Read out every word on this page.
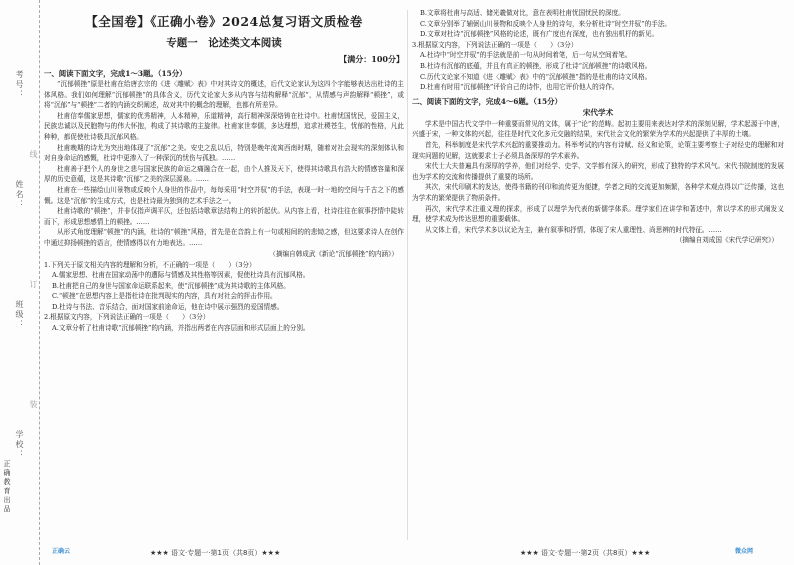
考号：
姓名：
班级：
学校：
线
订
装
正确教育出品
【全国卷】《正确小卷》2024总复习语文质检卷
专题一　论述类文本阅读
【满分：100分】
一、阅读下面文字，完成1～3题。（15分）
“沉郁顿挫”原是杜甫在给唐玄宗的《进〈雕赋〉表》中对其诗文的概述，后代文论家认为这四个字能够表达出杜诗的主体风格。我们如何理解“沉郁顿挫”的具体含义，历代文论家大多从内容与结构解释“沉郁”，从情感与声韵解释“顿挫”，或将“沉郁”与“顿挫”二者的内涵交织阐述，故对其中的概念的理解，也都有所差异。
杜甫信奉儒家思想，儒家的优秀精神，人本精神，乐道精神，高行精神深深烙铸在杜诗中。杜甫忧国忧民，爱国主义，民族忠诚以及民胞物与的伟大怀抱，构成了其诗歌的主旋律。杜甫家世奉儒，多达理想，追求社稷苍生，忧郁的性格，凡此种种，都促使杜诗极具沉郁风格。
杜甫晚期的诗尤为突出地体现了“沉郁”之美。安史之乱以后，特别是晚年流寓西南时期，随着对社会现实的深刻体认和对自身命运的感慨，杜诗中更渗入了一种深沉的忧伤与孤独。……
杜甫善于把个人的身世之悲与国家民族的命运之痛融合在一起，由个人推及天下，使得其诗歌具有浩大的情感容量和深厚的历史意蕴，这是其诗歌“沉郁”之美的深层源泉。……
杜甫在一些描绘山川景物或反映个人身世的作品中，每每采用“时空并驭”的手法，表现一时一地的空间与千古之下的感慨。这是“沉郁”的生成方式，也是杜诗最为独到的艺术手法之一。
杜甫诗歌的“顿挫”，并非仅指声调平仄，还包括诗歌章法结构上的转折起伏。从内容上看，杜诗往往在叙事抒情中陡转而下，形成思想感情上的顿挫。……
从形式角度理解“顿挫”的内涵，杜诗的“顿挫”风格，首先是在音韵上有一句或相间的的悲恸之感，但这要求诗人在创作中通过抑扬顿挫的语言，使情感得以有力地表达。……
（摘编自韩成武《新论“沉郁顿挫”的内涵》）
1.下列关于原文相关内容的理解和分析，不正确的一项是（　　）（3分）
A.儒家思想、杜甫在国家动荡中的遭际与情感及其性格等因素，促使杜诗具有沉郁风格。
B.杜甫把自己的身世与国家命运联系起来，使“沉郁顿挫”成为其诗歌的主体风格。
C.“顿挫”在思想内容上是指杜诗在批判现实的内容，具有对社会的抨击作用。
D.杜诗与书法、音乐结合，面对国家前途命运，他在诗中展示强烈的爱国情感。
2.根据原文内容，下列说法正确的一项是（　　）（3分）
A.文章分析了杜甫诗歌“沉郁顿挫”的内涵，并指出两者在内容层面和形式层面上的分别。
★★★ 语文·专题一·第1页（共8页）★★★
正确云
B.文章将杜甫与高适、储光羲做对比，意在表明杜甫忧国忧民的深度。
C.文章分别举了辅弼山川景物和反映个人身世的诗句，来分析杜诗“时空并驭”的手法。
D.文章对杜诗“沉郁顿挫”风格的论述，既有广度也有深度，也有独出机杼的新见。
3.根据原文内容，下列说法正确的一项是（　　）（3分）
A.杜诗中“时空并驭”的手法就是前一句从时间着笔，后一句从空间着笔。
B.杜诗有沉郁的底蕴，并且有真正的顿挫，形成了杜诗“沉郁顿挫”的诗歌风格。
C.历代文论家不知道《进〈雕赋〉表》中的“沉郁顿挫”指的是杜甫的诗文风格。
D.杜甫有时用“沉郁顿挫”评价自己的诗作，也用它评价他人的诗作。
二、阅读下面的文字，完成4～6题。（15分）
宋代学术
学术是中国古代文学中一种重要而常见的文体，属于“论”的范畴。起初主要用来表达对学术的深刻见解，学术起源于中唐，兴盛于宋，一种文体的兴起，往往是时代文化多元交融的结果，宋代社会文化的繁荣为学术的兴起提供了丰厚的土壤。
首先，科举制度是宋代学术兴起的重要推动力。科举考试的内容有诗赋、经义和论策，论策主要考察士子对经史的理解和对现实问题的见解，这就要求士子必须具备深厚的学术素养。
宋代士大夫普遍具有深厚的学养，他们对经学、史学、文学都有深入的研究，形成了独特的学术风气。宋代书院制度的发展也为学术的交流和传播提供了重要的场所。
其次，宋代印刷术的发达，使得书籍的刊印和流传更为便捷，学者之间的交流更加频繁，各种学术观点得以广泛传播，这也为学术的繁荣提供了物质条件。
再次，宋代学术注重义理的探求，形成了以理学为代表的新儒学体系。理学家们在讲学和著述中，常以学术的形式阐发义理，使学术成为传达思想的重要载体。
从文体上看，宋代学术多以议论为主，兼有叙事和抒情，体现了宋人重理性、尚思辨的时代特征。……
（摘编自刘成国《宋代学记研究》）
★★★ 语文·专题一·第2页（共8页）★★★	微众网
